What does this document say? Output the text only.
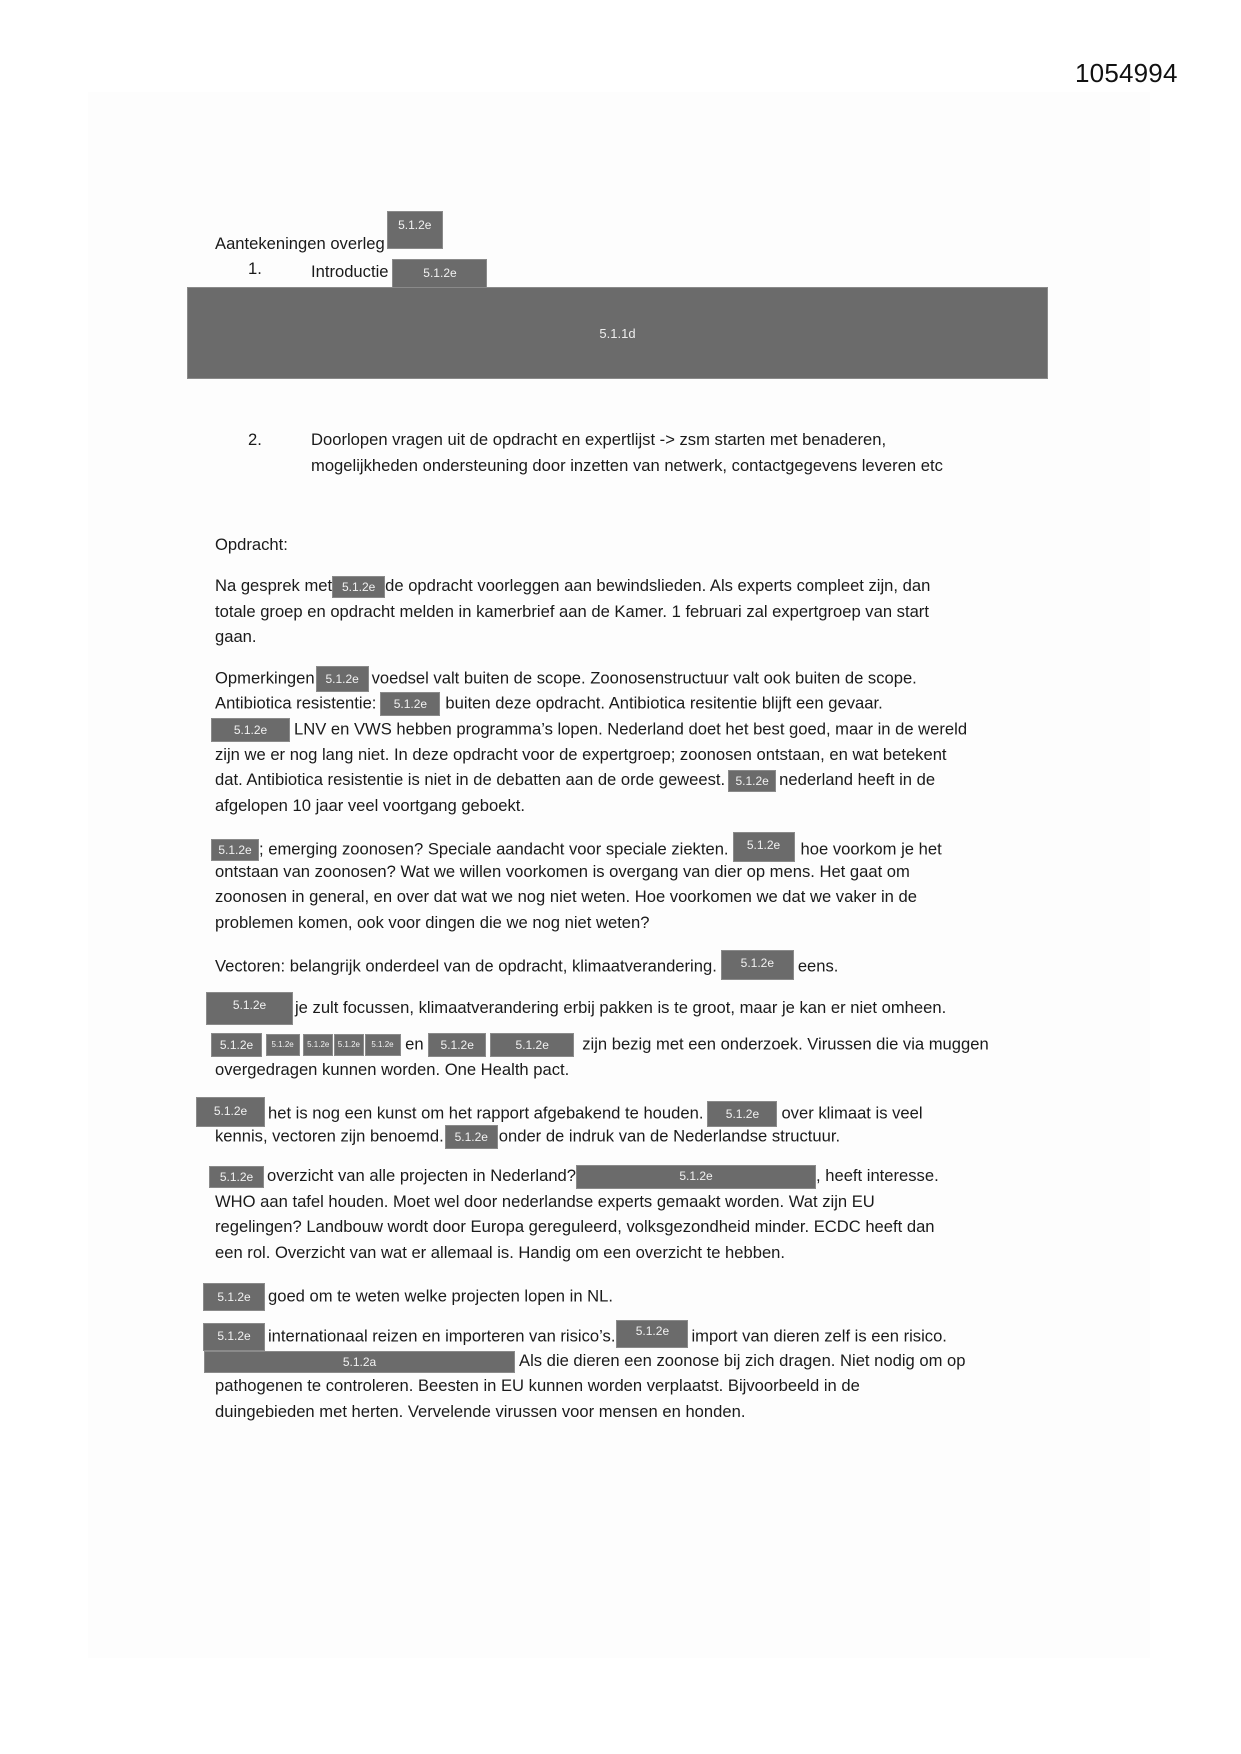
1054994
Aantekeningen overleg5.1.2e
1.	Introductie	5.1.2e
5.1.1d
2.	Doorlopen vragen uit de opdracht en expertlijst -> zsm starten met benaderen,
mogelijkheden ondersteuning door inzetten van netwerk, contactgegevens leveren etc
Opdracht:
Na gesprek met 5.1.2e de opdracht voorleggen aan bewindslieden. Als experts compleet zijn, dan
totale groep en opdracht melden in kamerbrief aan de Kamer. 1 februari zal expertgroep van start
gaan.
Opmerkingen 5.1.2e voedsel valt buiten de scope. Zoonosenstructuur valt ook buiten de scope.
Antibiotica resistentie: 5.1.2e buiten deze opdracht. Antibiotica resitentie blijft een gevaar.
5.1.2e LNV en VWS hebben programma’s lopen. Nederland doet het best goed, maar in de wereld
zijn we er nog lang niet. In deze opdracht voor de expertgroep; zoonosen ontstaan, en wat betekent
dat. Antibiotica resistentie is niet in de debatten aan de orde geweest. 5.1.2e nederland heeft in de
afgelopen 10 jaar veel voortgang geboekt.
5.1.2e ; emerging zoonosen? Speciale aandacht voor speciale ziekten. 5.1.2e hoe voorkom je het
ontstaan van zoonosen? Wat we willen voorkomen is overgang van dier op mens. Het gaat om
zoonosen in general, en over dat wat we nog niet weten. Hoe voorkomen we dat we vaker in de
problemen komen, ook voor dingen die we nog niet weten?
Vectoren: belangrijk onderdeel van de opdracht, klimaatverandering. 5.1.2e eens.
5.1.2e je zult focussen, klimaatverandering erbij pakken is te groot, maar je kan er niet omheen.
5.1.2e 5.1.2e 5.1.2e 5.1.2e 5.1.2e en 5.1.2e	5.1.2e zijn bezig met een onderzoek. Virussen die via muggen
overgedragen kunnen worden. One Health pact.
5.1.2e het is nog een kunst om het rapport afgebakend te houden. 5.1.2e over klimaat is veel
kennis, vectoren zijn benoemd. 5.1.2e onder de indruk van de Nederlandse structuur.
5.1.2e overzicht van alle projecten in Nederland?	5.1.2e	, heeft interesse.
WHO aan tafel houden. Moet wel door nederlandse experts gemaakt worden. Wat zijn EU
regelingen? Landbouw wordt door Europa gereguleerd, volksgezondheid minder. ECDC heeft dan
een rol. Overzicht van wat er allemaal is. Handig om een overzicht te hebben.
5.1.2e goed om te weten welke projecten lopen in NL.
5.1.2e internationaal reizen en importeren van risico’s. 5.1.2e import van dieren zelf is een risico.
5.1.2a	Als die dieren een zoonose bij zich dragen. Niet nodig om op
pathogenen te controleren. Beesten in EU kunnen worden verplaatst. Bijvoorbeeld in de
duingebieden met herten. Vervelende virussen voor mensen en honden.
